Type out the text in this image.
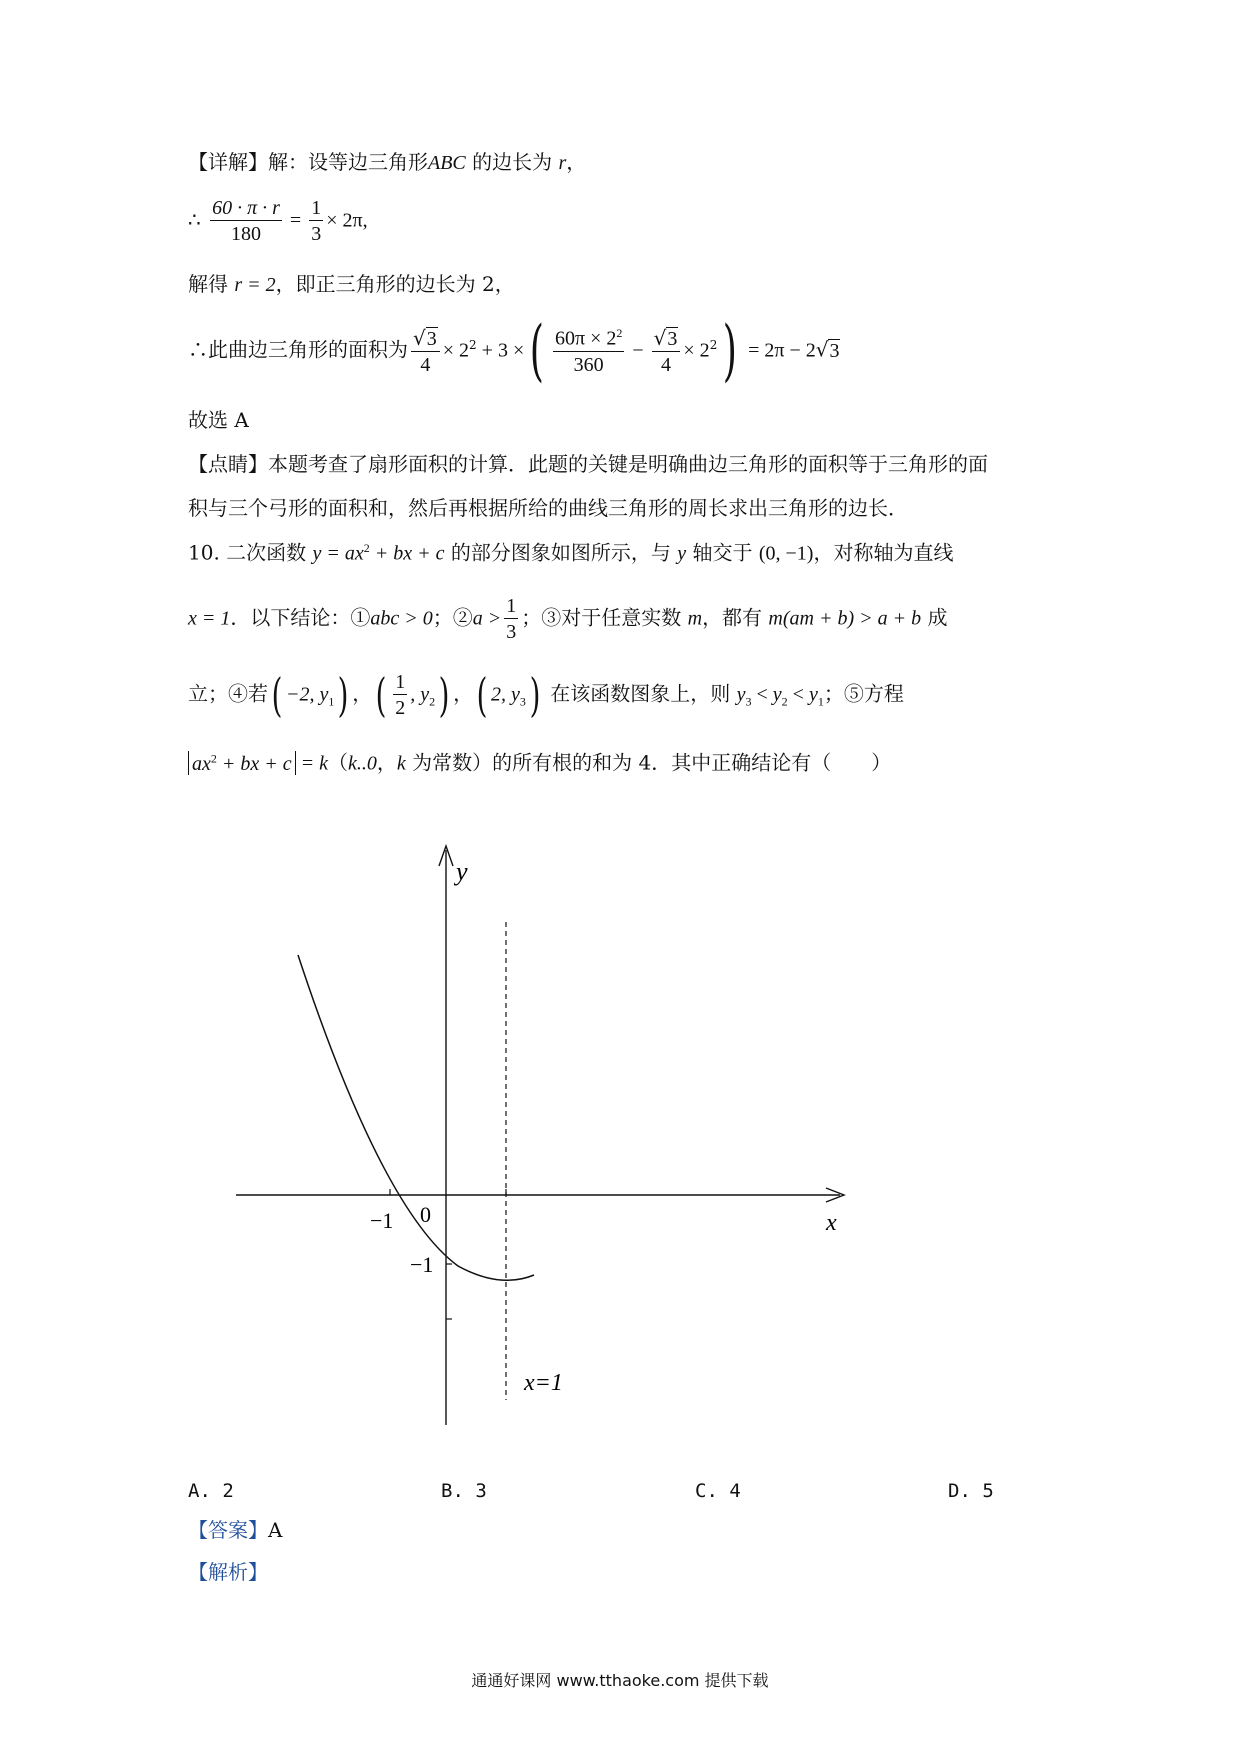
【详解】解：设等边三角形ABC 的边长为 r，
∴ $\frac{60 \cdot \pi \cdot r}{180} = \frac{1}{3} \times 2\pi$,
解得 r = 2，即正三角形的边长为 2，
∴此曲边三角形的面积为 $\frac{√3}{4} \times 2^2 + 3$ ×( $\frac{60\pi \times 2^2}{360} - \frac{√3}{4} \times 2^2) = 2\pi - 2√3$
故选 A
【点睛】本题考查了扇形面积的计算．此题的关键是明确曲边三角形的面积等于三角形的面
积与三个弓形的面积和，然后再根据所给的曲线三角形的周长求出三角形的边长．
10. 二次函数 $y = ax^2$ + bx + c 的部分图象如图所示，与 y 轴交于 (0, −1)，对称轴为直线
x = 1．以下结论：①abc > 0；②a > $\frac{1}{3}$ ；③对于任意实数 m，都有 m(am + b) > a + b 成
立；④若( −2, $y_1$) ，( $\frac{1}{2}$ , $y_2$) ，( 2, $y_3$) 在该函数图象上，则 $y_3 < y_2 < y_1$；⑤方程
$ax^2$ + bx + c = k（k..0，k 为常数）的所有根的和为 4．其中正确结论有（　　）
y
x
0
−1
−1
x=1
A. 2	B. 3	C. 4	D. 5
【答案】A
【解析】
通通好课网 www.tthaoke.com 提供下载
